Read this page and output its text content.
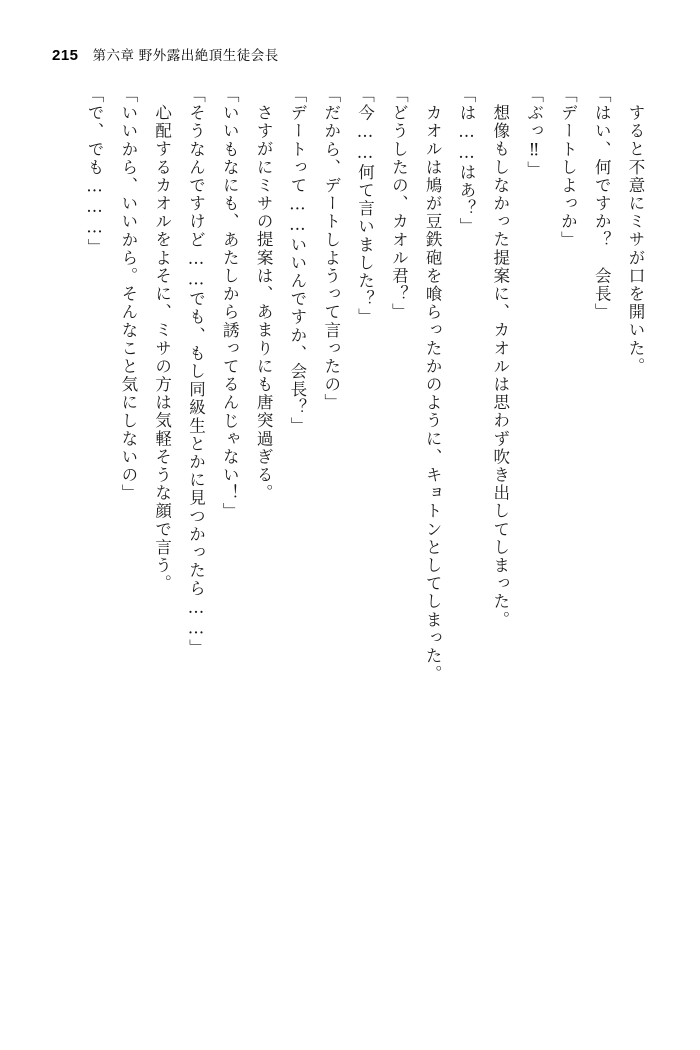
215 第六章 野外露出絶頂生徒会長

すると不意にミサが口を開いた。

「はい、何ですか？　会長」

「デートしよっか」

「ぶっ‼」

想像もしなかった提案に、カオルは思わず吹き出してしまった。

「は……はあ？」

カオルは鳩が豆鉄砲を喰らったかのように、キョトンとしてしまった。

「どうしたの、カオル君？」

「今……何て言いました？」

「だから、デートしようって言ったの」

「デートって……いいんですか、会長？」

さすがにミサの提案は、あまりにも唐突過ぎる。

「いいもなにも、あたしから誘ってるんじゃない！」

「そうなんですけど……でも、もし同級生とかに見つかったら……」

心配するカオルをよそに、ミサの方は気軽そうな顔で言う。

「いいから、いいから。そんなこと気にしないの」

「で、でも………」
